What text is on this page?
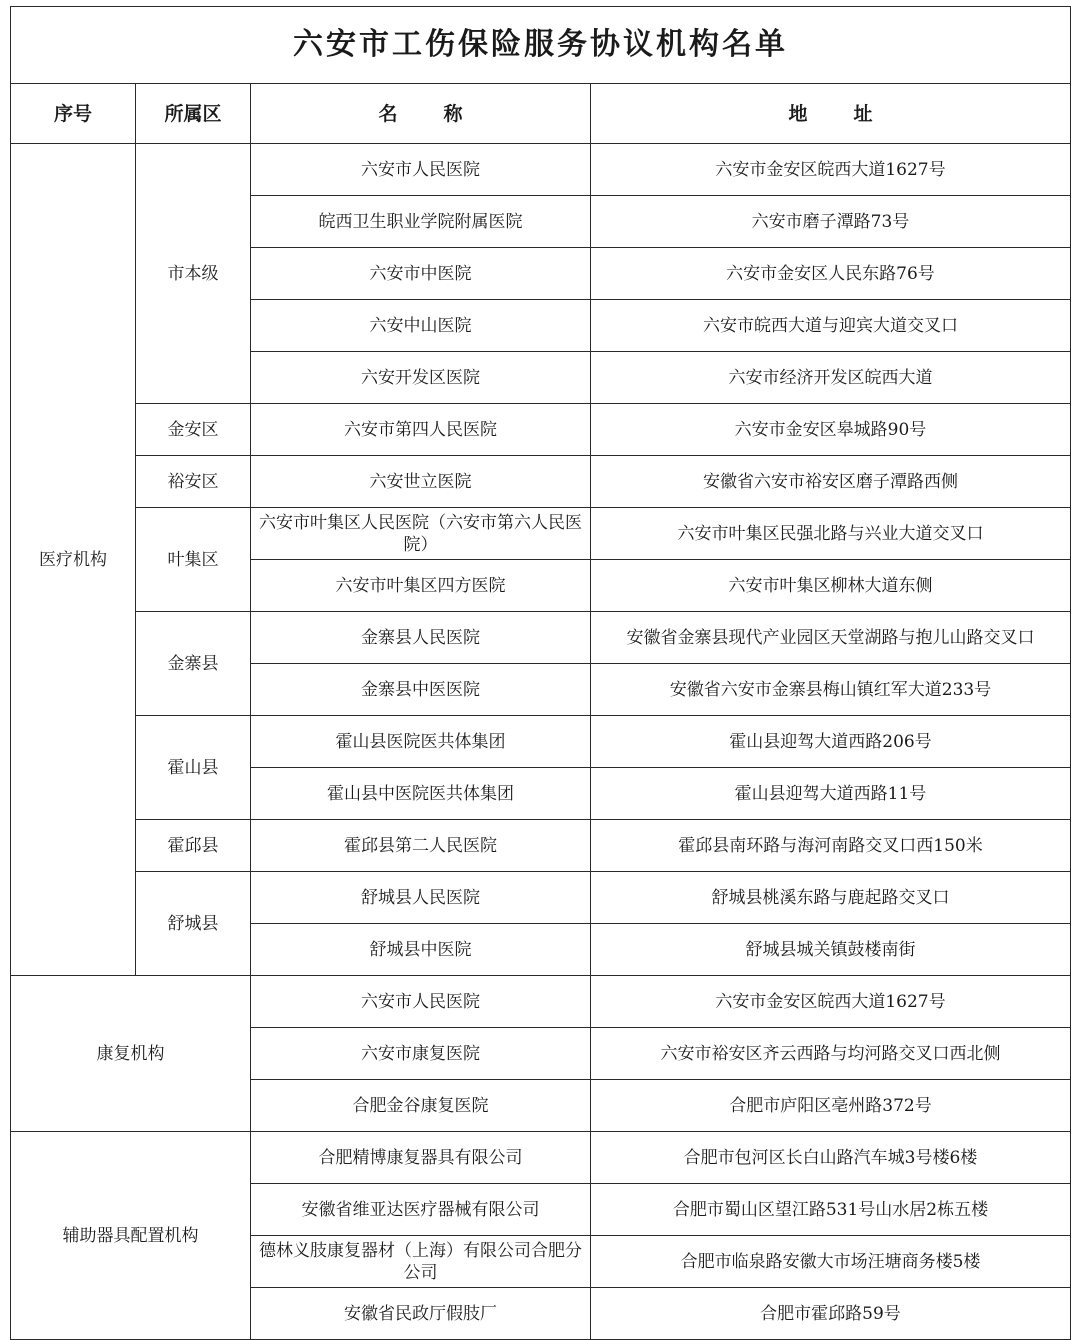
六安市工伤保险服务协议机构名单			
序号	所属区	名 称	地 址
医疗机构	市本级	六安市人民医院	六安市金安区皖西大道1627号
		皖西卫生职业学院附属医院	六安市磨子潭路73号
		六安市中医院	六安市金安区人民东路76号
		六安中山医院	六安市皖西大道与迎宾大道交叉口
		六安开发区医院	六安市经济开发区皖西大道
	金安区	六安市第四人民医院	六安市金安区皋城路90号
	裕安区	六安世立医院	安徽省六安市裕安区磨子潭路西侧
	叶集区	六安市叶集区人民医院（六安市第六人民医院）	六安市叶集区民强北路与兴业大道交叉口
		六安市叶集区四方医院	六安市叶集区柳林大道东侧
	金寨县	金寨县人民医院	安徽省金寨县现代产业园区天堂湖路与抱儿山路交叉口
		金寨县中医医院	安徽省六安市金寨县梅山镇红军大道233号
	霍山县	霍山县医院医共体集团	霍山县迎驾大道西路206号
		霍山县中医院医共体集团	霍山县迎驾大道西路11号
	霍邱县	霍邱县第二人民医院	霍邱县南环路与海河南路交叉口西150米
	舒城县	舒城县人民医院	舒城县桃溪东路与鹿起路交叉口
		舒城县中医院	舒城县城关镇鼓楼南街
康复机构		六安市人民医院	六安市金安区皖西大道1627号
		六安市康复医院	六安市裕安区齐云西路与均河路交叉口西北侧
		合肥金谷康复医院	合肥市庐阳区亳州路372号
辅助器具配置机构		合肥精博康复器具有限公司	合肥市包河区长白山路汽车城3号楼6楼
		安徽省维亚达医疗器械有限公司	合肥市蜀山区望江路531号山水居2栋五楼
		德林义肢康复器材（上海）有限公司合肥分公司	合肥市临泉路安徽大市场汪塘商务楼5楼
		安徽省民政厅假肢厂	合肥市霍邱路59号
